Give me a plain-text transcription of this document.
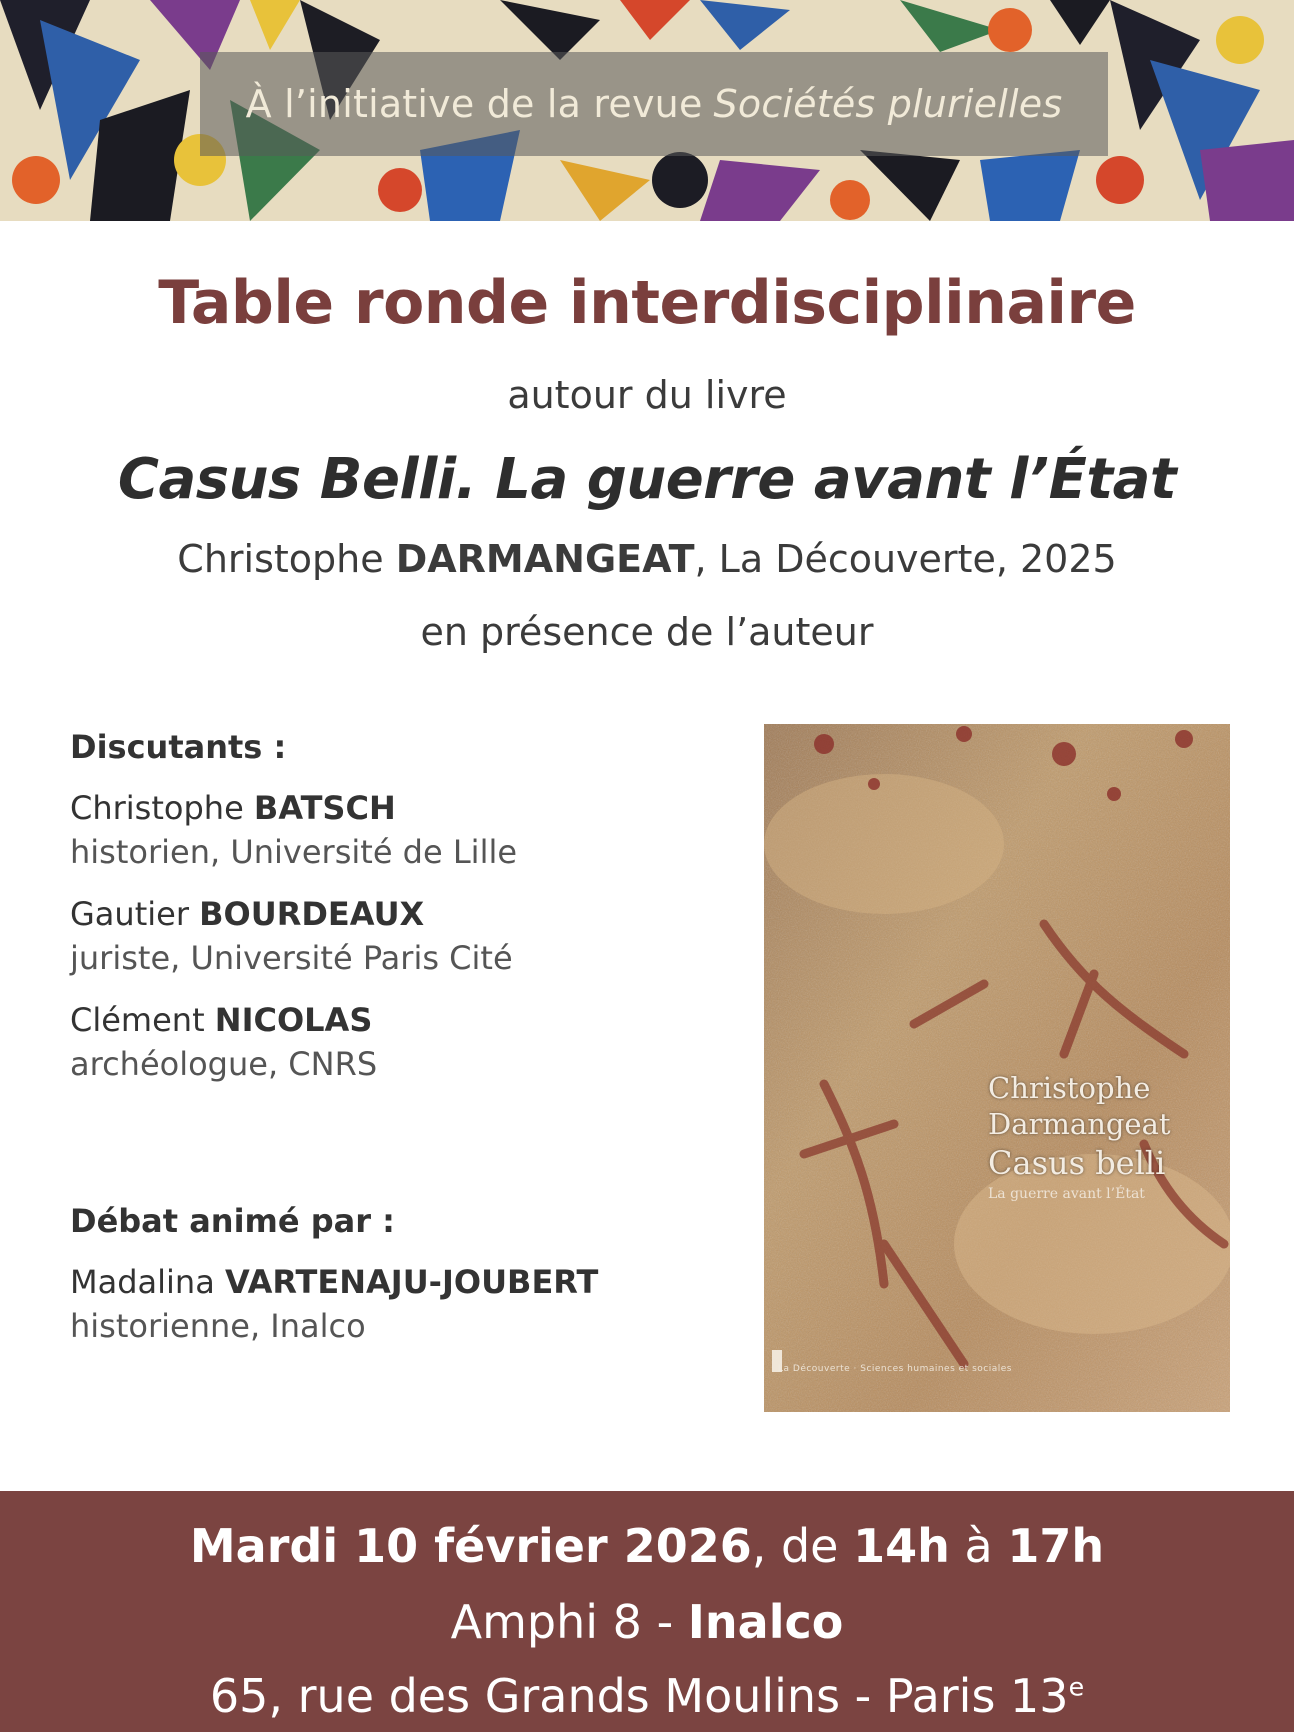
À l’initiative de la revue Sociétés plurielles
Table ronde interdisciplinaire
autour du livre
Casus Belli. La guerre avant l’État
Christophe DARMANGEAT, La Découverte, 2025
en présence de l’auteur
Discutants :
Christophe BATSCH
historien, Université de Lille
Gautier BOURDEAUX
juriste, Université Paris Cité
Clément NICOLAS
archéologue, CNRS
Débat animé par :
Madalina VARTENAJU-JOUBERT
historienne, Inalco
Christophe
Darmangeat
Casus belli
La guerre avant l’État
La Découverte · Sciences humaines et sociales
Mardi 10 février 2026, de 14h à 17h
Amphi 8 - Inalco
65, rue des Grands Moulins - Paris 13e
